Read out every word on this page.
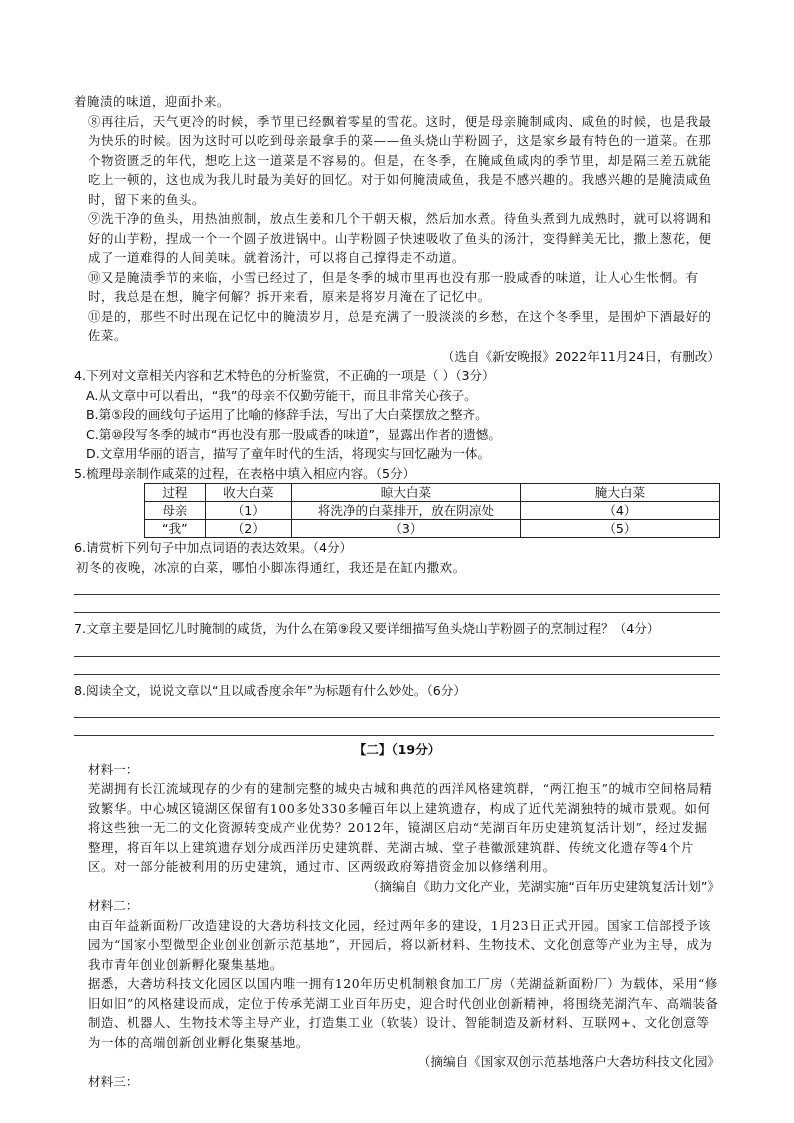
着腌渍的味道，迎面扑来。

⑧再往后，天气更冷的时候，季节里已经飘着零星的雪花。这时，便是母亲腌制咸肉、咸鱼的时候，也是我最为快乐的时候。因为这时可以吃到母亲最拿手的菜——鱼头烧山芋粉圆子，这是家乡最有特色的一道菜。在那个物资匮乏的年代，想吃上这一道菜是不容易的。但是，在冬季，在腌咸鱼咸肉的季节里，却是隔三差五就能吃上一顿的，这也成为我儿时最为美好的回忆。对于如何腌渍咸鱼，我是不感兴趣的。我感兴趣的是腌渍咸鱼时，留下来的鱼头。

⑨洗干净的鱼头，用热油煎制，放点生姜和几个干朝天椒，然后加水煮。待鱼头煮到九成熟时，就可以将调和好的山芋粉，捏成一个一个圆子放进锅中。山芋粉圆子快速吸收了鱼头的汤汁，变得鲜美无比，撒上葱花，便成了一道难得的人间美味。就着汤汁，可以将自己撑得走不动道。

⑩又是腌渍季节的来临，小雪已经过了，但是冬季的城市里再也没有那一股咸香的味道，让人心生怅惘。有时，我总是在想，腌字何解？拆开来看，原来是将岁月淹在了记忆中。

⑪是的，那些不时出现在记忆中的腌渍岁月，总是充满了一股淡淡的乡愁，在这个冬季里，是围炉下酒最好的佐菜。

（选自《新安晚报》2022年11月24日，有删改）

4.下列对文章相关内容和艺术特色的分析鉴赏，不正确的一项是（ ）（3分）

A.从文章中可以看出，“我”的母亲不仅勤劳能干，而且非常关心孩子。

B.第⑤段的画线句子运用了比喻的修辞手法，写出了大白菜摆放之整齐。

C.第⑩段写冬季的城市“再也没有那一股咸香的味道”，显露出作者的遗憾。

D.文章用华丽的语言，描写了童年时代的生活，将现实与回忆融为一体。

5.梳理母亲制作咸菜的过程，在表格中填入相应内容。（5分）

过程	收大白菜	晾大白菜	腌大白菜
母亲	（1）	将洗净的白菜排开，放在阴凉处	（4）
“我”	（2）	（3）	（5）

6.请赏析下列句子中加点词语的表达效果。（4分）

初冬的夜晚，冰凉的白菜，哪怕小脚冻得通红，我还是在缸内撒欢。

7.文章主要是回忆儿时腌制的咸货，为什么在第⑨段又要详细描写鱼头烧山芋粉圆子的烹制过程？（4分）

8.阅读全文，说说文章以“且以咸香度余年”为标题有什么妙处。（6分）

【二】（19分）

材料一：

芜湖拥有长江流域现存的少有的建制完整的城央古城和典范的西洋风格建筑群，“两江抱玉”的城市空间格局精致繁华。中心城区镜湖区保留有100多处330多幢百年以上建筑遗存，构成了近代芜湖独特的城市景观。如何将这些独一无二的文化资源转变成产业优势？2012年，镜湖区启动“芜湖百年历史建筑复活计划”，经过发掘整理，将百年以上建筑遗存划分成西洋历史建筑群、芜湖古城、堂子巷徽派建筑群、传统文化遗存等4个片区。对一部分能被利用的历史建筑，通过市、区两级政府筹措资金加以修缮利用。

（摘编自《助力文化产业，芜湖实施“百年历史建筑复活计划”》

材料二：

由百年益新面粉厂改造建设的大砻坊科技文化园，经过两年多的建设，1月23日正式开园。国家工信部授予该园为“国家小型微型企业创业创新示范基地”，开园后，将以新材料、生物技术、文化创意等产业为主导，成为我市青年创业创新孵化聚集基地。

据悉，大砻坊科技文化园区以国内唯一拥有120年历史机制粮食加工厂房（芜湖益新面粉厂）为载体，采用“修旧如旧”的风格建设而成，定位于传承芜湖工业百年历史，迎合时代创业创新精神，将围绕芜湖汽车、高端装备制造、机器人、生物技术等主导产业，打造集工业（软装）设计、智能制造及新材料、互联网+、文化创意等为一体的高端创新创业孵化集聚基地。

（摘编自《国家双创示范基地落户大砻坊科技文化园》

材料三：
